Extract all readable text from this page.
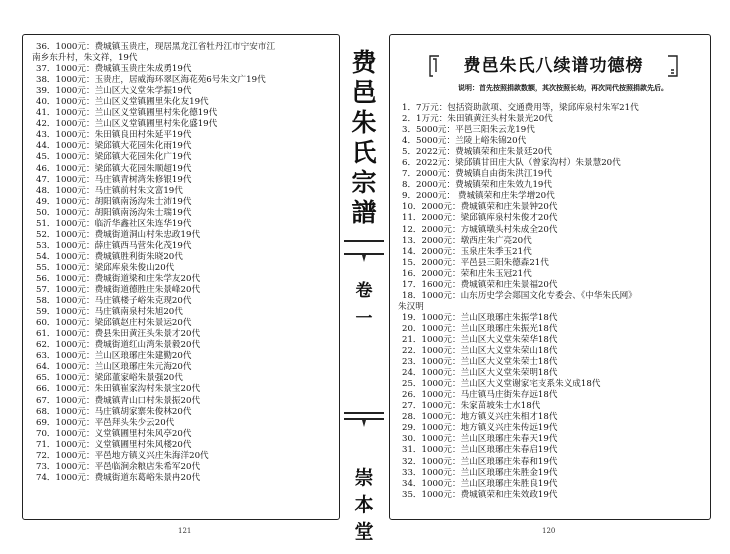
36．1000元：费城镇玉贵庄，现居黑龙江省牡丹江市宁安市江
南乡东升村，朱文祥，19代
37．1000元：费城镇玉贵庄朱成勇19代
38．1000元：玉贵庄，居威海环翠区海花苑6号朱文广19代
39．1000元：兰山区大义堂朱学振19代
40．1000元：兰山区义堂镇圃里朱化友19代
41．1000元：兰山区义堂镇圃里村朱化德19代
42．1000元：兰山区义堂镇圃里村朱化盛19代
43．1000元：朱田镇良田村朱延平19代
44．1000元：梁邱镇大花园朱化雨19代
45．1000元：梁邱镇大花园朱化广19代
46．1000元：梁邱镇大花园朱顺超19代
47．1000元：马庄镇青树湾朱修银19代
48．1000元：马庄镇前村朱文富19代
49．1000元：胡阳镇南汤沟朱士沛19代
50．1000元：胡阳镇南汤沟朱士瑞19代
51．1000元：临沂华鑫社区朱连华19代
52．1000元：费城街道洞山村朱忠政19代
53．1000元：薛庄镇西马营朱化茂19代
54．1000元：费城镇胜利街朱晓20代
55．1000元：梁邱库泉朱俊山20代
56．1000元：费城街道梁和庄朱学友20代
57．1000元：费城街道德胜庄朱景峰20代
58．1000元：马庄镇楼子峪朱克现20代
59．1000元：马庄镇南泉村朱旭20代
60．1000元：梁邱镇赵庄村朱景运20代
61．1000元：费县朱田黄汪头朱景才20代
62．1000元：费城街道红山湾朱景毅20代
63．1000元：兰山区琅琊庄朱建勤20代
64．1000元：兰山区琅琊庄朱元海20代
65．1000元：梁邱董家峪朱景强20代
66．1000元：朱田镇崔家沟村朱景宝20代
67．1000元：费城镇青山口村朱景振20代
68．1000元：马庄镇胡家寨朱俊林20代
69．1000元：平邑拜头朱少云20代
70．1000元：义堂镇圃里村朱风亭20代
71．1000元：义堂镇圃里村朱风楼20代
72．1000元：平邑地方镇义兴庄朱海洋20代
73．1000元：平邑临涧余粮店朱希军20代
74．1000元：费城街道东葛峪朱景冉20代
121
费
邑
朱
氏
宗
譜
卷
一
崇
本
堂
费邑朱氏八续谱功德榜
说明：首先按照捐款数额，其次按照长幼，再次同代按照捐款先后。
1．7万元：包括资助款项、交通费用等，梁邱库泉村朱军21代
2．1万元：朱田镇黄汪头村朱景光20代
3．5000元：平邑三阳朱云龙19代
4．5000元：兰陵上峪朱锦20代
5．2022元：费城镇荣和庄朱景廷20代
6．2022元：梁邱镇甘田庄大队（曾家沟村）朱景慧20代
7．2000元：费城镇自由街朱洪江19代
8．2000元：费城镇荣和庄朱效九19代
9．2000元： 费城镇荣和庄朱学增20代
10．2000元：费城镇荣和庄朱景钟20代
11．2000元：梁邱镇库泉村朱俊才20代
12．2000元：方城镇墩头村朱成全20代
13．2000元：墩西庄朱广亮20代
14．2000元：玉泉庄朱季玉21代
15．2000元：平邑县三阳朱德森21代
16．2000元：荣和庄朱玉冠21代
17．1600元：费城镇荣和庄朱景福20代
18．1000元：山东历史学会郯国文化专委会、《中华朱氏网》
朱汉明
19．1000元：兰山区琅琊庄朱振学18代
20．1000元：兰山区琅琊庄朱振光18代
21．1000元：兰山区大义堂朱荣华18代
22．1000元：兰山区大义堂朱荣山18代
23．1000元：兰山区大义堂朱荣士18代
24．1000元：兰山区大义堂朱荣明18代
25．1000元：兰山区大义堂谢家宅支系朱义成18代
26．1000元：马庄镇马庄街朱存远18代
27．1000元：朱家苗坡朱士水18代
28．1000元：地方镇义兴庄朱相才18代
29．1000元：地方镇义兴庄朱传远19代
30．1000元：兰山区琅琊庄朱春天19代
31．1000元：兰山区琅琊庄朱春启19代
32．1000元：兰山区琅琊庄朱春和19代
33．1000元：兰山区琅琊庄朱胜金19代
34．1000元：兰山区琅琊庄朱胜良19代
35．1000元：费城镇荣和庄朱效政19代
120
